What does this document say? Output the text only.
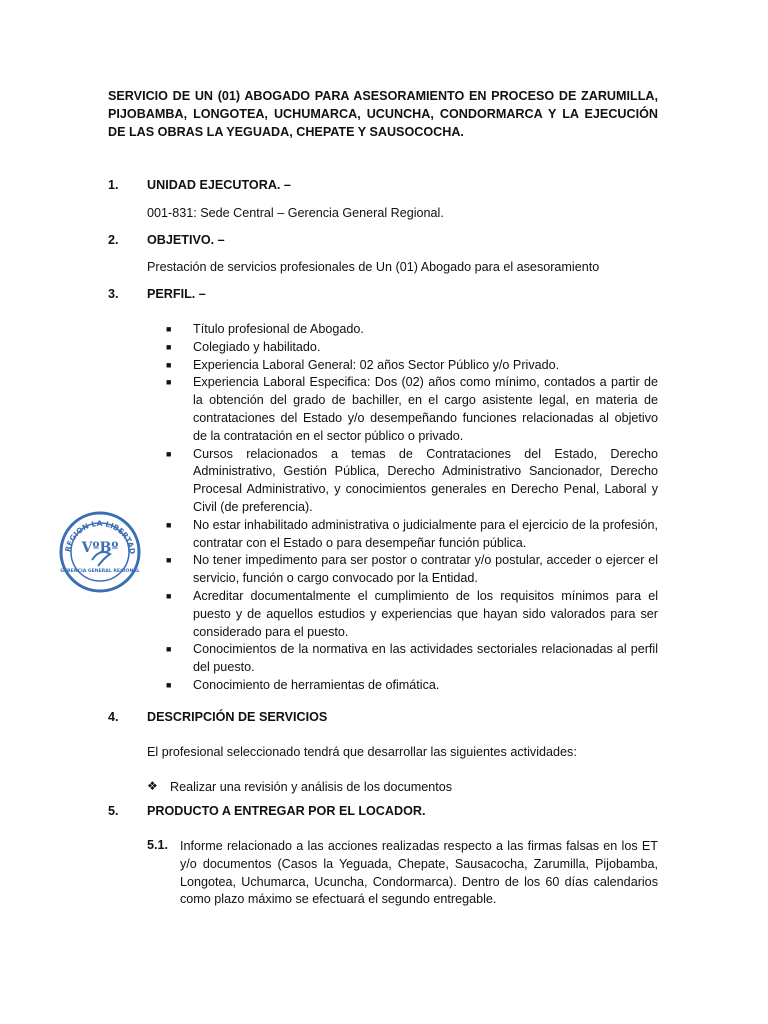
SERVICIO DE UN (01) ABOGADO PARA ASESORAMIENTO EN PROCESO DE ZARUMILLA, PIJOBAMBA, LONGOTEA, UCHUMARCA, UCUNCHA, CONDORMARCA Y LA EJECUCIÓN DE LAS OBRAS LA YEGUADA, CHEPATE Y SAUSOCOCHA.
1. UNIDAD EJECUTORA. –
001-831: Sede Central – Gerencia General Regional.
2. OBJETIVO. –
Prestación de servicios profesionales de Un (01) Abogado para el asesoramiento
3. PERFIL. –
■ Título profesional de Abogado.
■ Colegiado y habilitado.
■ Experiencia Laboral General: 02 años Sector Público y/o Privado.
■ Experiencia Laboral Especifica: Dos (02) años como mínimo, contados a partir de la obtención del grado de bachiller, en el cargo asistente legal, en materia de contrataciones del Estado y/o desempeñando funciones relacionadas al objetivo de la contratación en el sector público o privado.
■ Cursos relacionados a temas de Contrataciones del Estado, Derecho Administrativo, Gestión Pública, Derecho Administrativo Sancionador, Derecho Procesal Administrativo, y conocimientos generales en Derecho Penal, Laboral y Civil (de preferencia).
■ No estar inhabilitado administrativa o judicialmente para el ejercicio de la profesión, contratar con el Estado o para desempeñar función pública.
■ No tener impedimento para ser postor o contratar y/o postular, acceder o ejercer el servicio, función o cargo convocado por la Entidad.
■ Acreditar documentalmente el cumplimiento de los requisitos mínimos para el puesto y de aquellos estudios y experiencias que hayan sido valorados para ser considerado para el puesto.
■ Conocimientos de la normativa en las actividades sectoriales relacionadas al perfil del puesto.
■ Conocimiento de herramientas de ofimática.
4. DESCRIPCIÓN DE SERVICIOS
El profesional seleccionado tendrá que desarrollar las siguientes actividades:
❖ Realizar una revisión y análisis de los documentos
5. PRODUCTO A ENTREGAR POR EL LOCADOR.
5.1. Informe relacionado a las acciones realizadas respecto a las firmas falsas en los ET y/o documentos (Casos la Yeguada, Chepate, Sausacocha, Zarumilla, Pijobamba, Longotea, Uchumarca, Ucuncha, Condormarca). Dentro de los 60 días calendarios como plazo máximo se efectuará el segundo entregable.
REGION LA LIBERTAD
VºBº
GERENCIA GENERAL REGIONAL
